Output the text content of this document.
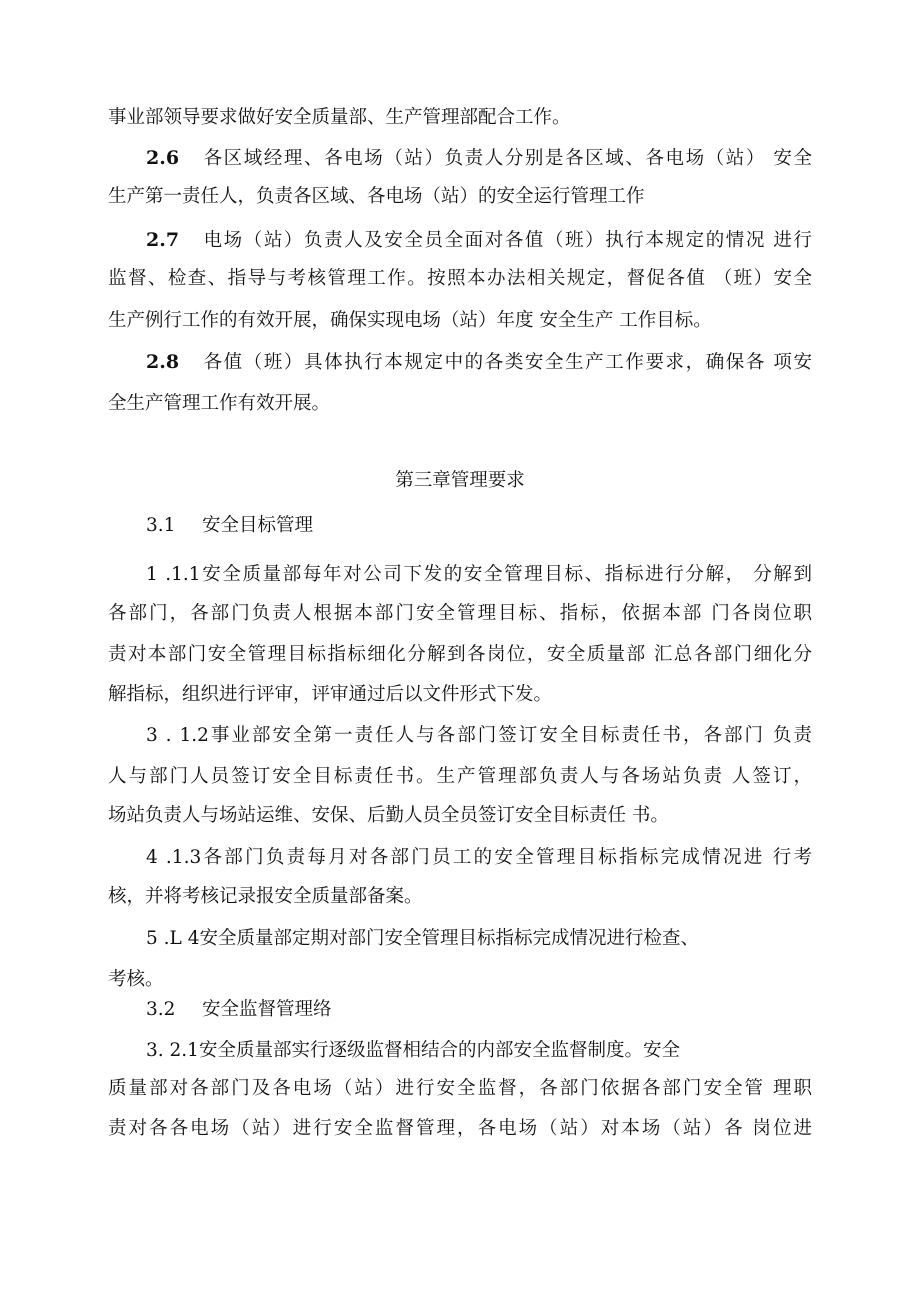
事业部领导要求做好安全质量部、生产管理部配合工作。
2.6 各区域经理、各电场（站）负责人分别是各区域、各电场（站） 安全
生产第一责任人，负责各区域、各电场（站）的安全运行管理工作
2.7 电场（站）负责人及安全员全面对各值（班）执行本规定的情况 进行
监督、检查、指导与考核管理工作。按照本办法相关规定，督促各值 （班）安全
生产例行工作的有效开展，确保实现电场（站）年度 安全生产 工作目标。
2.8 各值（班）具体执行本规定中的各类安全生产工作要求，确保各 项安
全生产管理工作有效开展。
第三章管理要求
3.1 安全目标管理
1 .1.1安全质量部每年对公司下发的安全管理目标、指标进行分解， 分解到
各部门，各部门负责人根据本部门安全管理目标、指标，依据本部 门各岗位职
责对本部门安全管理目标指标细化分解到各岗位，安全质量部 汇总各部门细化分
解指标，组织进行评审，评审通过后以文件形式下发。
3 . 1.2事业部安全第一责任人与各部门签订安全目标责任书，各部门 负责
人与部门人员签订安全目标责任书。生产管理部负责人与各场站负责 人签订，
场站负责人与场站运维、安保、后勤人员全员签订安全目标责任 书。
4 .1.3各部门负责每月对各部门员工的安全管理目标指标完成情况进 行考
核，并将考核记录报安全质量部备案。
5 .L 4安全质量部定期对部门安全管理目标指标完成情况进行检查、
考核。
3.2 安全监督管理络
3. 2.1安全质量部实行逐级监督相结合的内部安全监督制度。安全
质量部对各部门及各电场（站）进行安全监督，各部门依据各部门安全管 理职
责对各各电场（站）进行安全监督管理，各电场（站）对本场（站）各 岗位进
